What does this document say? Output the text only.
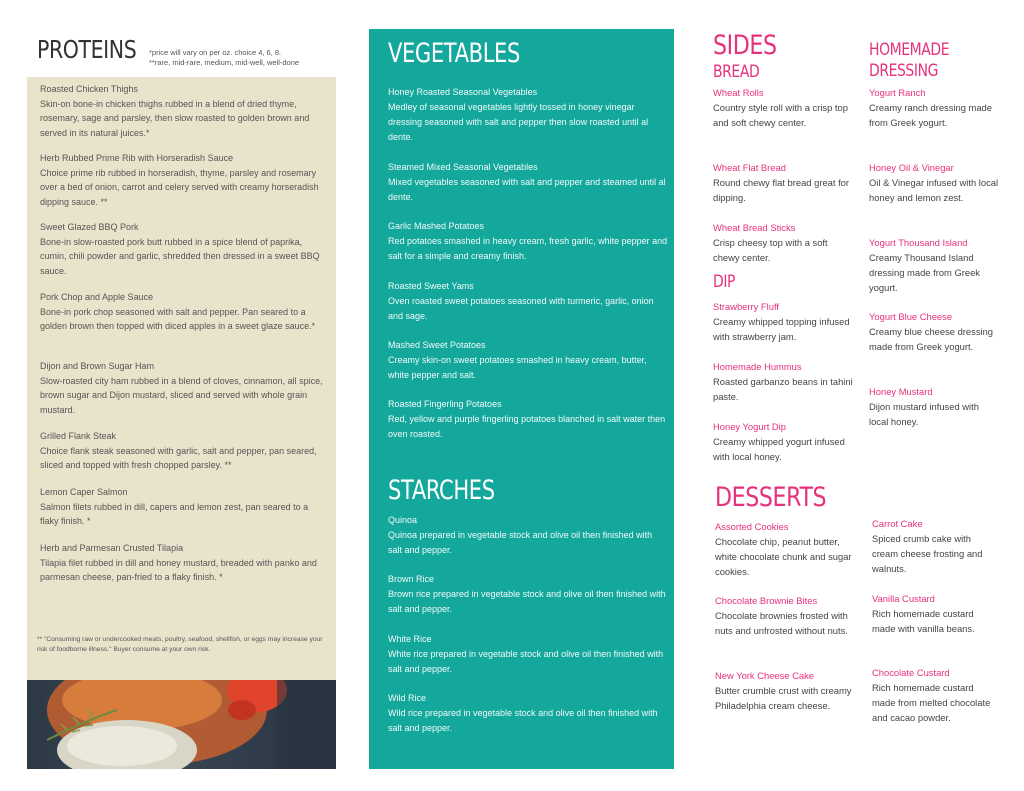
PROTEINS *price will vary on per oz. choice 4, 6, 8.
**rare, mid-rare, medium, mid-well, well-done
Roasted Chicken Thighs
Skin-on bone-in chicken thighs rubbed in a blend of dried thyme, rosemary, sage and parsley, then slow roasted to golden brown and served in its natural juices.*
Herb Rubbed Prime Rib with Horseradish Sauce
Choice prime rib rubbed in horseradish, thyme, parsley and rosemary over a bed of onion, carrot and celery served with creamy horseradish dipping sauce. **
Sweet Glazed BBQ Pork
Bone-in slow-roasted pork butt rubbed in a spice blend of paprika, cumin, chili powder and garlic, shredded then dressed in a sweet BBQ sauce.
Pork Chop and Apple Sauce
Bone-in pork chop seasoned with salt and pepper. Pan seared to a golden brown then topped with diced apples in a sweet glaze sauce.*
Dijon and Brown Sugar Ham
Slow-roasted city ham rubbed in a blend of cloves, cinnamon, all spice, brown sugar and Dijon mustard, sliced and served with whole grain mustard.
Grilled Flank Steak
Choice flank steak seasoned with garlic, salt and pepper, pan seared, sliced and topped with fresh chopped parsley. **
Lemon Caper Salmon
Salmon filets rubbed in dill, capers and lemon zest, pan seared to a flaky finish. *
Herb and Parmesan Crusted Tilapia
Tilapia filet rubbed in dill and honey mustard, breaded with panko and parmesan cheese, pan-fried to a flaky finish. *
** "Consuming raw or undercooked meats, poultry, seafood, shellfish, or eggs may increase your risk of foodborne illness." Buyer consume at your own risk.
VEGETABLES
Honey Roasted Seasonal Vegetables
Medley of seasonal vegetables lightly tossed in honey vinegar dressing seasoned with salt and pepper then slow roasted until al dente.
Steamed Mixed Seasonal Vegetables
Mixed vegetables seasoned with salt and pepper and steamed until al dente.
Garlic Mashed Potatoes
Red potatoes smashed in heavy cream, fresh garlic, white pepper and salt for a simple and creamy finish.
Roasted Sweet Yams
Oven roasted sweet potatoes seasoned with turmeric, garlic, onion and sage.
Mashed Sweet Potatoes
Creamy skin-on sweet potatoes smashed in heavy cream, butter, white pepper and salt.
Roasted Fingerling Potatoes
Red, yellow and purple fingerling potatoes blanched in salt water then oven roasted.
STARCHES
Quinoa
Quinoa prepared in vegetable stock and olive oil then finished with salt and pepper.
Brown Rice
Brown rice prepared in vegetable stock and olive oil then finished with salt and pepper.
White Rice
White rice prepared in vegetable stock and olive oil then finished with salt and pepper.
Wild Rice
Wild rice prepared in vegetable stock and olive oil then finished with salt and pepper.
SIDES
BREAD
Wheat Rolls
Country style roll with a crisp top and soft chewy center.
Wheat Flat Bread
Round chewy flat bread great for dipping.
Wheat Bread Sticks
Crisp cheesy top with a soft chewy center.
DIP
Strawberry Fluff
Creamy whipped topping infused with strawberry jam.
Homemade Hummus
Roasted garbanzo beans in tahini paste.
Honey Yogurt Dip
Creamy whipped yogurt infused with local honey.
HOMEMADE
DRESSING
Yogurt Ranch
Creamy ranch dressing made from Greek yogurt.
Honey Oil & Vinegar
Oil & Vinegar infused with local honey and lemon zest.
Yogurt Thousand Island
Creamy Thousand Island dressing made from Greek yogurt.
Yogurt Blue Cheese
Creamy blue cheese dressing made from Greek yogurt.
Honey Mustard
Dijon mustard infused with local honey.
DESSERTS
Assorted Cookies
Chocolate chip, peanut butter, white chocolate chunk and sugar cookies.
Chocolate Brownie Bites
Chocolate brownies frosted with nuts and unfrosted without nuts.
New York Cheese Cake
Butter crumble crust with creamy Philadelphia cream cheese.
Carrot Cake
Spiced crumb cake with cream cheese frosting and walnuts.
Vanilla Custard
Rich homemade custard made with vanilla beans.
Chocolate Custard
Rich homemade custard made from melted chocolate and cacao powder.
